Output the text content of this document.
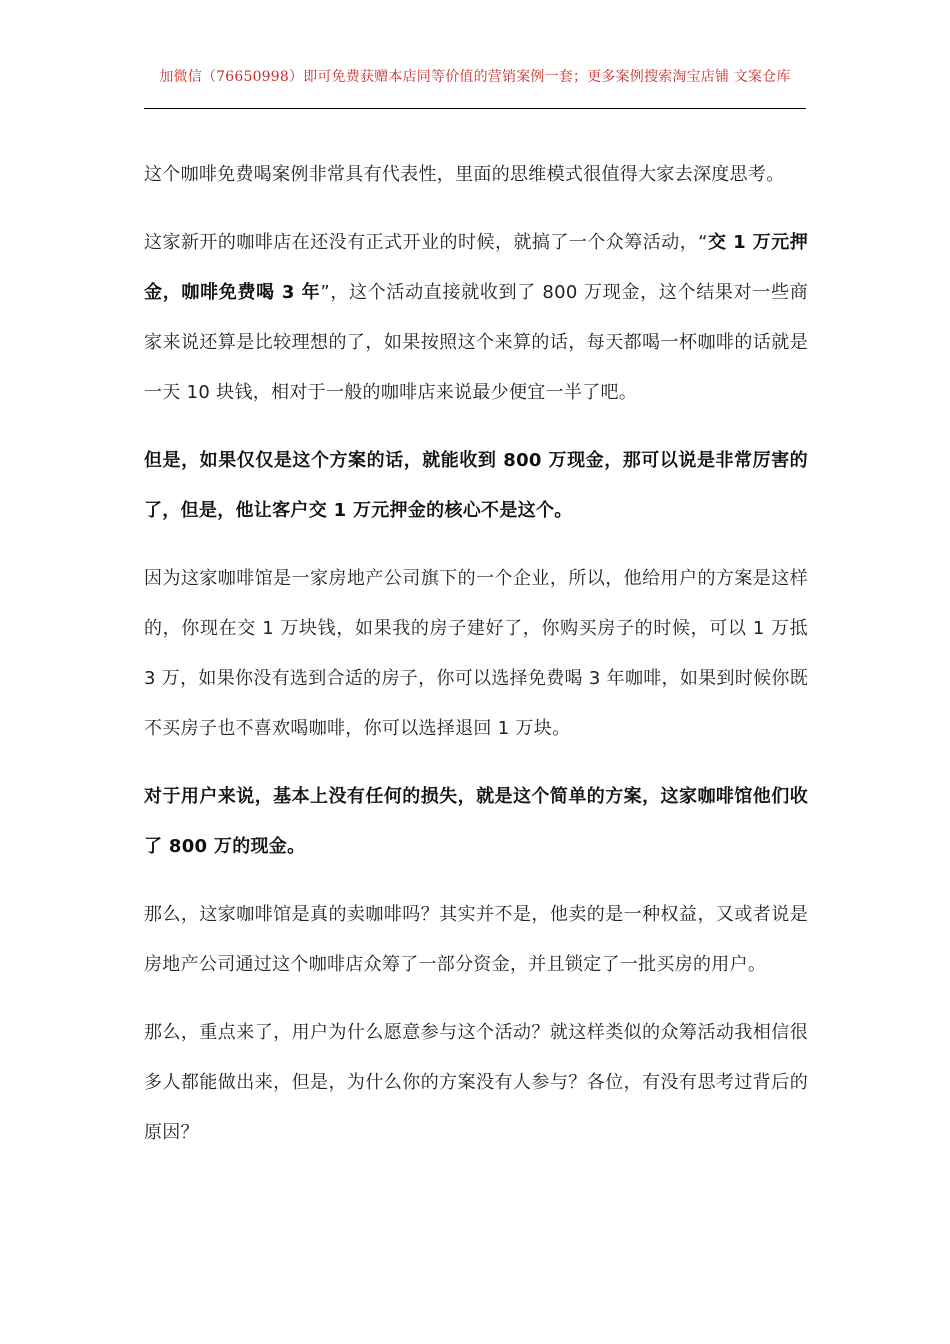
加微信（76650998）即可免费获赠本店同等价值的营销案例一套；更多案例搜索淘宝店铺 文案仓库

这个咖啡免费喝案例非常具有代表性，里面的思维模式很值得大家去深度思考。

这家新开的咖啡店在还没有正式开业的时候，就搞了一个众筹活动，“交 1 万元押金，咖啡免费喝 3 年”，这个活动直接就收到了 800 万现金，这个结果对一些商家来说还算是比较理想的了，如果按照这个来算的话，每天都喝一杯咖啡的话就是一天 10 块钱，相对于一般的咖啡店来说最少便宜一半了吧。

但是，如果仅仅是这个方案的话，就能收到 800 万现金，那可以说是非常厉害的了，但是，他让客户交 1 万元押金的核心不是这个。

因为这家咖啡馆是一家房地产公司旗下的一个企业，所以，他给用户的方案是这样的，你现在交 1 万块钱，如果我的房子建好了，你购买房子的时候，可以 1 万抵 3 万，如果你没有选到合适的房子，你可以选择免费喝 3 年咖啡，如果到时候你既不买房子也不喜欢喝咖啡，你可以选择退回 1 万块。

对于用户来说，基本上没有任何的损失，就是这个简单的方案，这家咖啡馆他们收了 800 万的现金。

那么，这家咖啡馆是真的卖咖啡吗？其实并不是，他卖的是一种权益，又或者说是房地产公司通过这个咖啡店众筹了一部分资金，并且锁定了一批买房的用户。

那么，重点来了，用户为什么愿意参与这个活动？就这样类似的众筹活动我相信很多人都能做出来，但是，为什么你的方案没有人参与？各位，有没有思考过背后的原因？
